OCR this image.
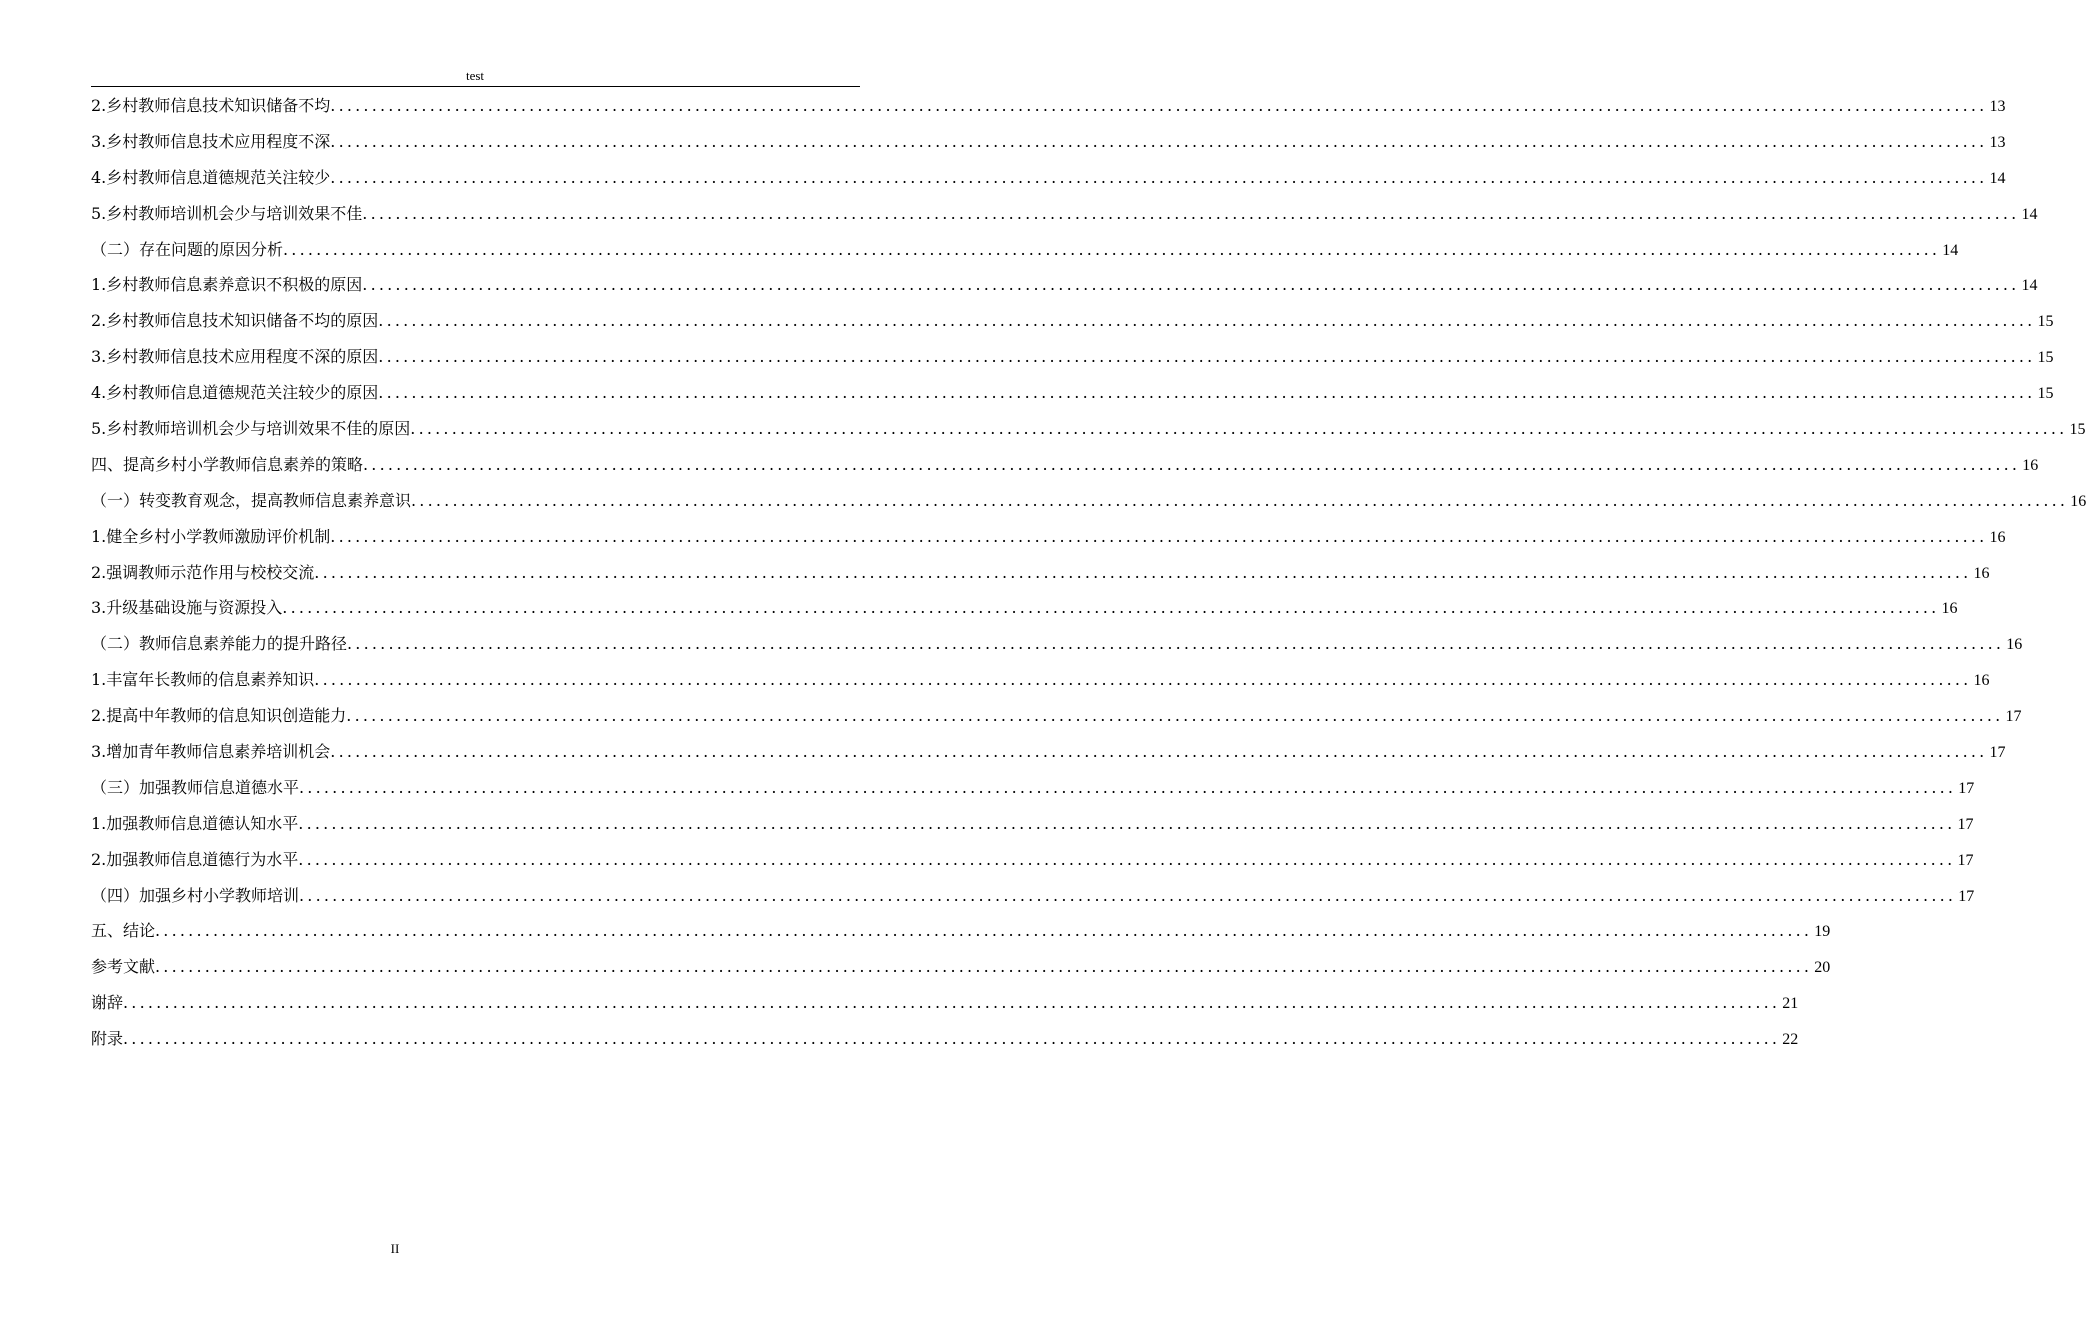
test
2.乡村教师信息技术知识储备不均 ........................................................................................................................................................................................................ 13
3.乡村教师信息技术应用程度不深 ........................................................................................................................................................................................................ 13
4.乡村教师信息道德规范关注较少 ........................................................................................................................................................................................................ 14
5.乡村教师培训机会少与培训效果不佳 ........................................................................................................................................................................................................ 14
（二）存在问题的原因分析 ........................................................................................................................................................................................................ 14
1.乡村教师信息素养意识不积极的原因 ........................................................................................................................................................................................................ 14
2.乡村教师信息技术知识储备不均的原因 ........................................................................................................................................................................................................ 15
3.乡村教师信息技术应用程度不深的原因 ........................................................................................................................................................................................................ 15
4.乡村教师信息道德规范关注较少的原因 ........................................................................................................................................................................................................ 15
5.乡村教师培训机会少与培训效果不佳的原因 ........................................................................................................................................................................................................ 15
四、提高乡村小学教师信息素养的策略 ........................................................................................................................................................................................................ 16
（一）转变教育观念，提高教师信息素养意识 ........................................................................................................................................................................................................ 16
1.健全乡村小学教师激励评价机制 ........................................................................................................................................................................................................ 16
2.强调教师示范作用与校校交流 ........................................................................................................................................................................................................ 16
3.升级基础设施与资源投入 ........................................................................................................................................................................................................ 16
（二）教师信息素养能力的提升路径 ........................................................................................................................................................................................................ 16
1.丰富年长教师的信息素养知识 ........................................................................................................................................................................................................ 16
2.提高中年教师的信息知识创造能力 ........................................................................................................................................................................................................ 17
3.增加青年教师信息素养培训机会 ........................................................................................................................................................................................................ 17
（三）加强教师信息道德水平 ........................................................................................................................................................................................................ 17
1.加强教师信息道德认知水平 ........................................................................................................................................................................................................ 17
2.加强教师信息道德行为水平 ........................................................................................................................................................................................................ 17
（四）加强乡村小学教师培训 ........................................................................................................................................................................................................ 17
五、结论 ........................................................................................................................................................................................................ 19
参考文献 ........................................................................................................................................................................................................ 20
谢辞 ........................................................................................................................................................................................................ 21
附录 ........................................................................................................................................................................................................ 22
II
